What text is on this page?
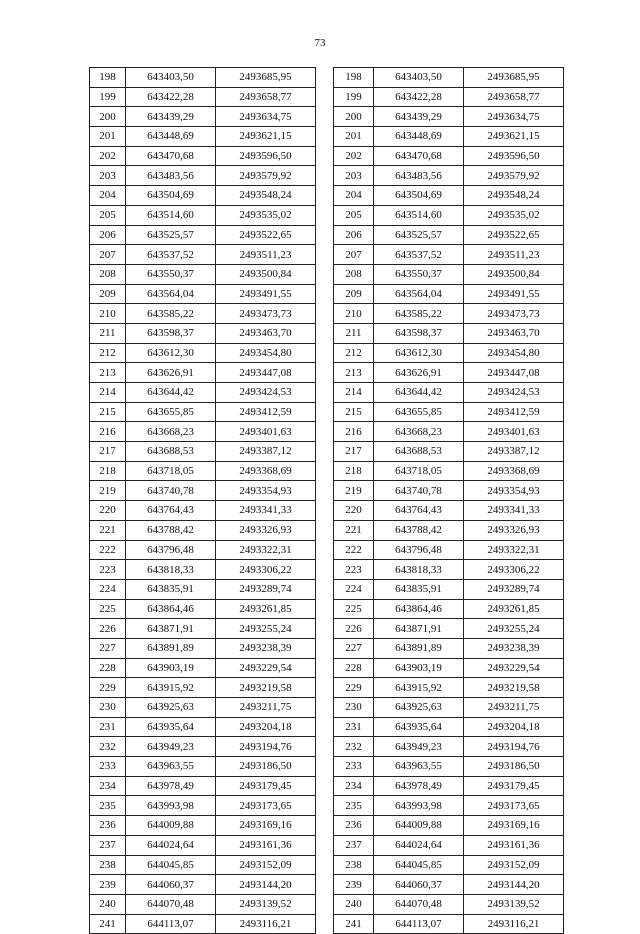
73
198	643403,50	2493685,95
199	643422,28	2493658,77
200	643439,29	2493634,75
201	643448,69	2493621,15
202	643470,68	2493596,50
203	643483,56	2493579,92
204	643504,69	2493548,24
205	643514,60	2493535,02
206	643525,57	2493522,65
207	643537,52	2493511,23
208	643550,37	2493500,84
209	643564,04	2493491,55
210	643585,22	2493473,73
211	643598,37	2493463,70
212	643612,30	2493454,80
213	643626,91	2493447,08
214	643644,42	2493424,53
215	643655,85	2493412,59
216	643668,23	2493401,63
217	643688,53	2493387,12
218	643718,05	2493368,69
219	643740,78	2493354,93
220	643764,43	2493341,33
221	643788,42	2493326,93
222	643796,48	2493322,31
223	643818,33	2493306,22
224	643835,91	2493289,74
225	643864,46	2493261,85
226	643871,91	2493255,24
227	643891,89	2493238,39
228	643903,19	2493229,54
229	643915,92	2493219,58
230	643925,63	2493211,75
231	643935,64	2493204,18
232	643949,23	2493194,76
233	643963,55	2493186,50
234	643978,49	2493179,45
235	643993,98	2493173,65
236	644009,88	2493169,16
237	644024,64	2493161,36
238	644045,85	2493152,09
239	644060,37	2493144,20
240	644070,48	2493139,52
241	644113,07	2493116,21
198	643403,50	2493685,95
199	643422,28	2493658,77
200	643439,29	2493634,75
201	643448,69	2493621,15
202	643470,68	2493596,50
203	643483,56	2493579,92
204	643504,69	2493548,24
205	643514,60	2493535,02
206	643525,57	2493522,65
207	643537,52	2493511,23
208	643550,37	2493500,84
209	643564,04	2493491,55
210	643585,22	2493473,73
211	643598,37	2493463,70
212	643612,30	2493454,80
213	643626,91	2493447,08
214	643644,42	2493424,53
215	643655,85	2493412,59
216	643668,23	2493401,63
217	643688,53	2493387,12
218	643718,05	2493368,69
219	643740,78	2493354,93
220	643764,43	2493341,33
221	643788,42	2493326,93
222	643796,48	2493322,31
223	643818,33	2493306,22
224	643835,91	2493289,74
225	643864,46	2493261,85
226	643871,91	2493255,24
227	643891,89	2493238,39
228	643903,19	2493229,54
229	643915,92	2493219,58
230	643925,63	2493211,75
231	643935,64	2493204,18
232	643949,23	2493194,76
233	643963,55	2493186,50
234	643978,49	2493179,45
235	643993,98	2493173,65
236	644009,88	2493169,16
237	644024,64	2493161,36
238	644045,85	2493152,09
239	644060,37	2493144,20
240	644070,48	2493139,52
241	644113,07	2493116,21
